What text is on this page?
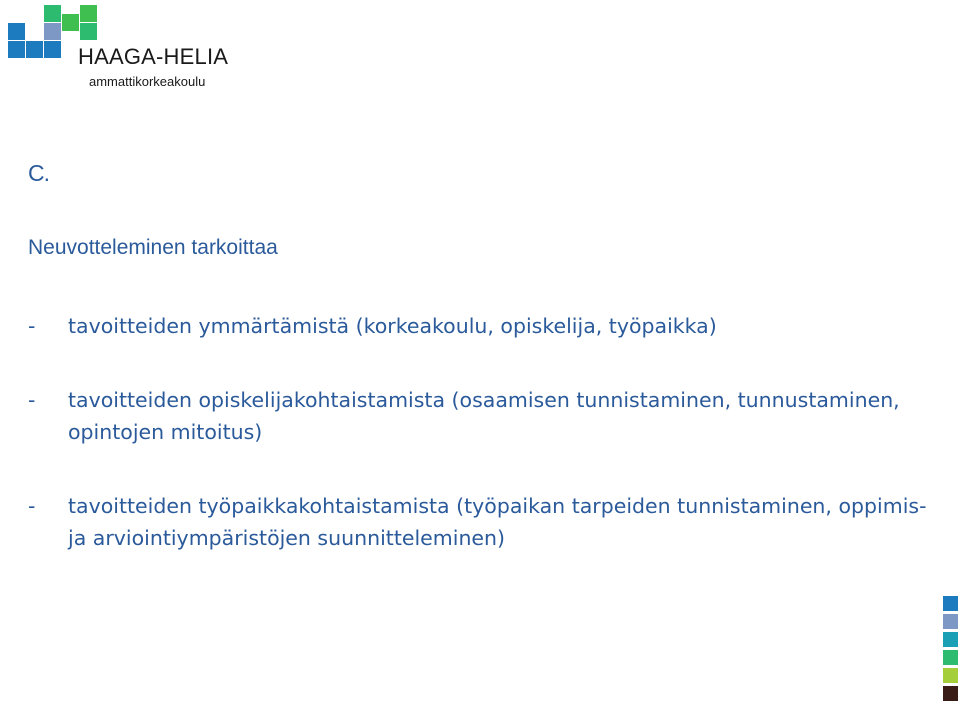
HAAGA-HELIA
ammattikorkeakoulu
C.
Neuvotteleminen tarkoittaa
-	tavoitteiden ymmärtämistä (korkeakoulu, opiskelija, työpaikka)
-	tavoitteiden opiskelijakohtaistamista (osaamisen tunnistaminen, tunnustaminen, opintojen mitoitus)
-	tavoitteiden työpaikkakohtaistamista (työpaikan tarpeiden tunnistaminen, oppimis- ja arviointiympäristöjen suunnitteleminen)
